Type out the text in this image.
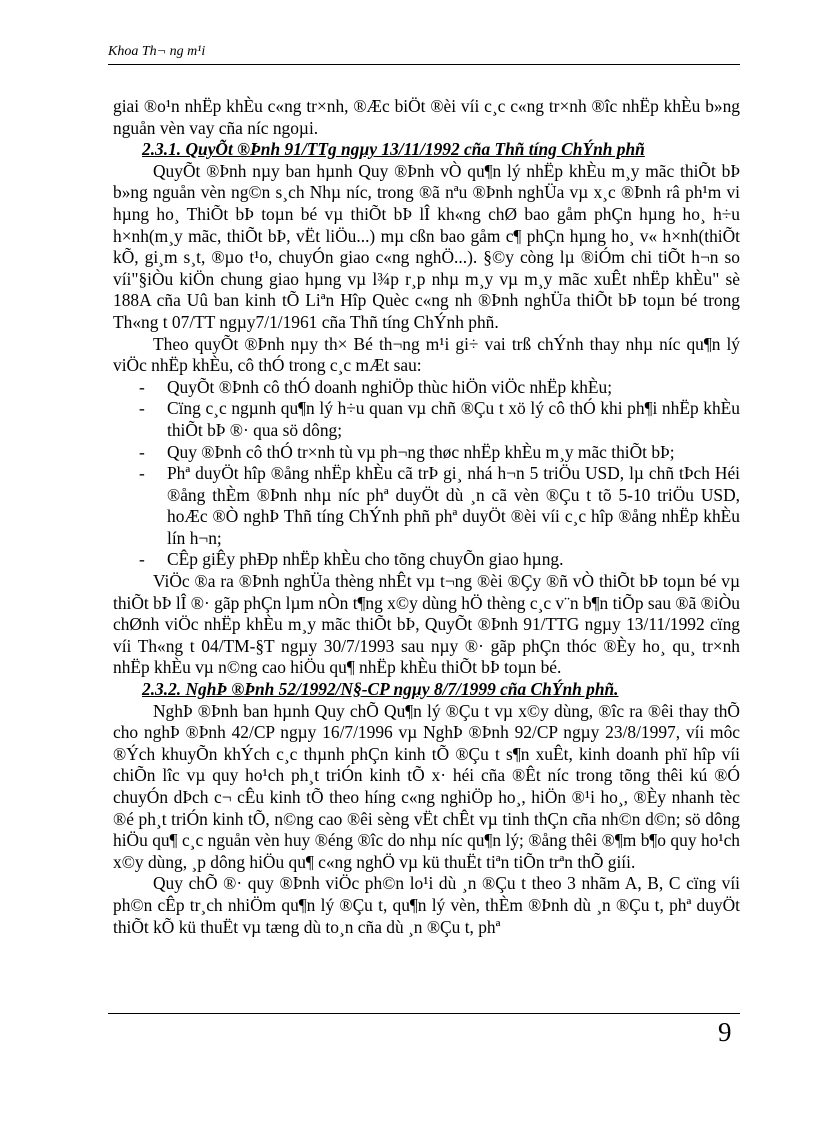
Khoa Th¬ ng m¹i

giai ®o¹n nhËp khÈu c«ng tr×nh, ®Æc biÖt ®èi víi c¸c c«ng tr×nh ®îc nhËp khÈu b»ng nguån vèn vay cña níc ngoµi.

2.3.1. QuyÕt ®Þnh 91/TTg ngµy 13/11/1992 cña Thñ tíng ChÝnh phñ

QuyÕt ®Þnh nµy ban hµnh Quy ®Þnh vÒ qu¶n lý nhËp khÈu m¸y mãc thiÕt bÞ b»ng nguån vèn ng©n s¸ch Nhµ níc, trong ®ã nªu ®Þnh nghÜa vµ x¸c ®Þnh râ ph¹m vi hµng ho¸ ThiÕt bÞ toµn bé vµ thiÕt bÞ lÎ kh«ng chØ bao gåm phÇn hµng ho¸ h÷u h×nh(m¸y mãc, thiÕt bÞ, vËt liÖu...) mµ cßn bao gåm c¶ phÇn hµng ho¸ v« h×nh(thiÕt kÕ, gi¸m s¸t, ®µo t¹o, chuyÓn giao c«ng nghÖ...). §©y còng lµ ®iÓm chi tiÕt h¬n so víi"§iÒu kiÖn chung giao hµng vµ l¾p r¸p nhµ m¸y vµ m¸y mãc xuÊt nhËp khÈu" sè 188A cña Uû ban kinh tÕ Liªn Hîp Quèc c«ng nh ®Þnh nghÜa thiÕt bÞ toµn bé trong Th«ng t 07/TT ngµy7/1/1961 cña Thñ tíng ChÝnh phñ.

Theo quyÕt ®Þnh nµy th× Bé th¬ng m¹i gi÷ vai trß chÝnh thay nhµ níc qu¶n lý viÖc nhËp khÈu, cô thÓ trong c¸c mÆt sau:

- QuyÕt ®Þnh cô thÓ doanh nghiÖp thùc hiÖn viÖc nhËp khÈu;
- Cïng c¸c ngµnh qu¶n lý h÷u quan vµ chñ ®Çu t xö lý cô thÓ khi ph¶i nhËp khÈu thiÕt bÞ ®· qua sö dông;
- Quy ®Þnh cô thÓ tr×nh tù vµ ph¬ng thøc nhËp khÈu m¸y mãc thiÕt bÞ;
- Phª duyÖt hîp ®ång nhËp khÈu cã trÞ gi¸ nhá h¬n 5 triÖu USD, lµ chñ tÞch Héi ®ång thÈm ®Þnh nhµ níc phª duyÖt dù ¸n cã vèn ®Çu t tõ 5-10 triÖu USD, hoÆc ®Ò nghÞ Thñ tíng ChÝnh phñ phª duyÖt ®èi víi c¸c hîp ®ång nhËp khÈu lín h¬n;
- CÊp giÊy phÐp nhËp khÈu cho tõng chuyÕn giao hµng.

ViÖc ®a ra ®Þnh nghÜa thèng nhÊt vµ t¬ng ®èi ®Çy ®ñ vÒ thiÕt bÞ toµn bé vµ thiÕt bÞ lÎ ®· gãp phÇn lµm nÒn t¶ng x©y dùng hÖ thèng c¸c v¨n b¶n tiÕp sau ®ã ®iÒu chØnh viÖc nhËp khÈu m¸y mãc thiÕt bÞ, QuyÕt ®Þnh 91/TTG ngµy 13/11/1992 cïng víi Th«ng t 04/TM-§T ngµy 30/7/1993 sau nµy ®· gãp phÇn thóc ®Èy ho¸ qu¸ tr×nh nhËp khÈu vµ n©ng cao hiÖu qu¶ nhËp khÈu thiÕt bÞ toµn bé.

2.3.2. NghÞ ®Þnh 52/1992/N§-CP ngµy 8/7/1999 cña ChÝnh phñ.

NghÞ ®Þnh ban hµnh Quy chÕ Qu¶n lý ®Çu t vµ x©y dùng, ®îc ra ®êi thay thÕ cho nghÞ ®Þnh 42/CP ngµy 16/7/1996 vµ NghÞ ®Þnh 92/CP ngµy 23/8/1997, víi môc ®Ých khuyÕn khÝch c¸c thµnh phÇn kinh tÕ ®Çu t s¶n xuÊt, kinh doanh phï hîp víi chiÕn lîc vµ quy ho¹ch ph¸t triÓn kinh tÕ x· héi cña ®Êt níc trong tõng thêi kú ®Ó chuyÓn dÞch c¬ cÊu kinh tÕ theo híng c«ng nghiÖp ho¸, hiÖn ®¹i ho¸, ®Èy nhanh tèc ®é ph¸t triÓn kinh tÕ, n©ng cao ®êi sèng vËt chÊt vµ tinh thÇn cña nh©n d©n; sö dông hiÖu qu¶ c¸c nguån vèn huy ®éng ®îc do nhµ níc qu¶n lý; ®ång thêi ®¶m b¶o quy ho¹ch x©y dùng, ¸p dông hiÖu qu¶ c«ng nghÖ vµ kü thuËt tiªn tiÕn trªn thÕ giíi.

Quy chÕ ®· quy ®Þnh viÖc ph©n lo¹i dù ¸n ®Çu t theo 3 nhãm A, B, C cïng víi ph©n cÊp tr¸ch nhiÖm qu¶n lý ®Çu t, qu¶n lý vèn, thÈm ®Þnh dù ¸n ®Çu t, phª duyÖt thiÕt kÕ kü thuËt vµ tæng dù to¸n cña dù ¸n ®Çu t, phª

9
